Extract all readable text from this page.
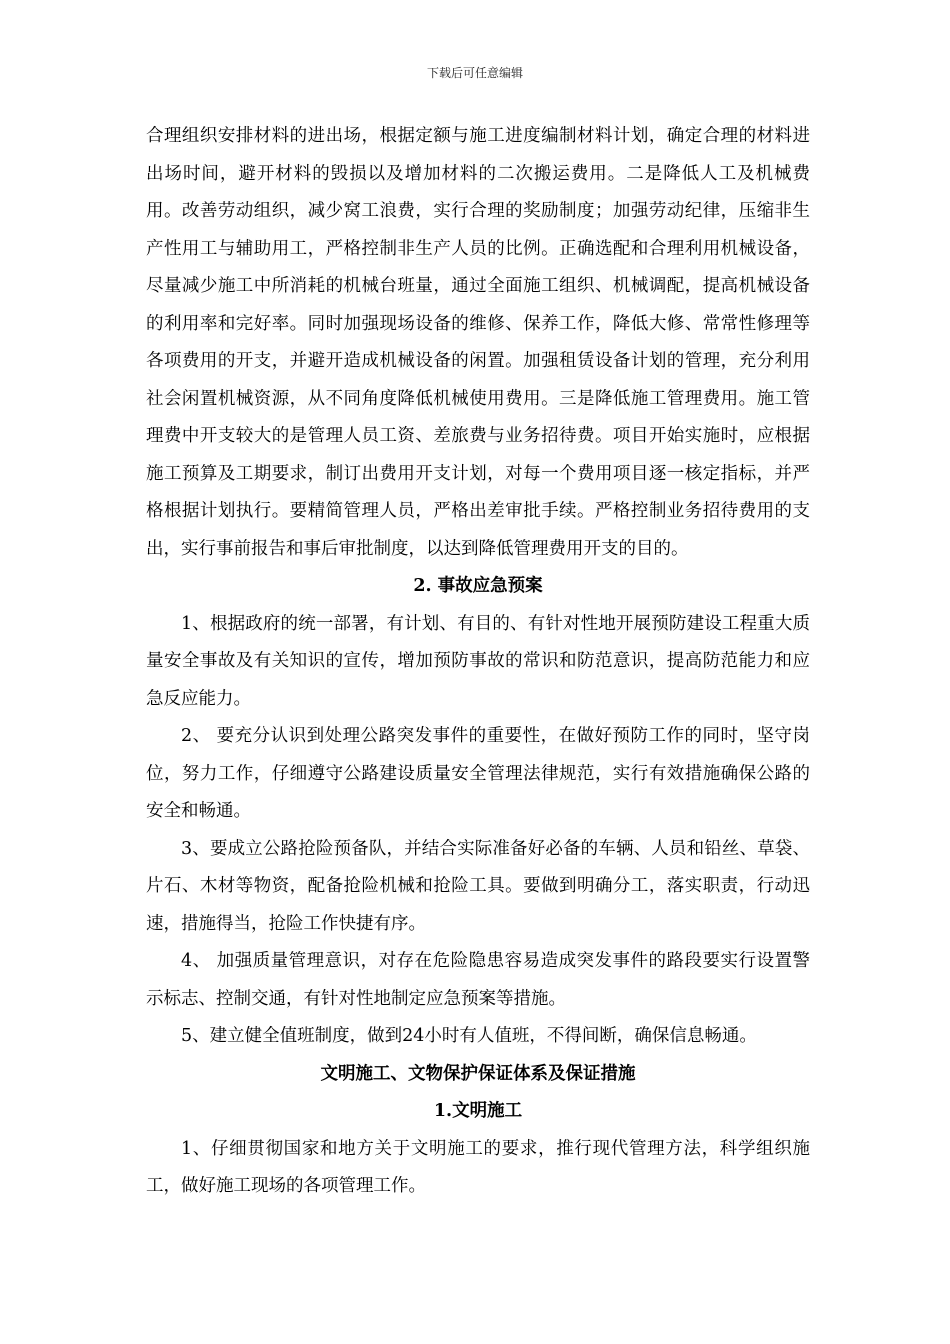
下载后可任意编辑

合理组织安排材料的进出场，根据定额与施工进度编制材料计划，确定合理的材料进出场时间，避开材料的毁损以及增加材料的二次搬运费用。二是降低人工及机械费用。改善劳动组织，减少窝工浪费，实行合理的奖励制度；加强劳动纪律，压缩非生产性用工与辅助用工，严格控制非生产人员的比例。正确选配和合理利用机械设备，尽量减少施工中所消耗的机械台班量，通过全面施工组织、机械调配，提高机械设备的利用率和完好率。同时加强现场设备的维修、保养工作，降低大修、常常性修理等各项费用的开支，并避开造成机械设备的闲置。加强租赁设备计划的管理，充分利用社会闲置机械资源，从不同角度降低机械使用费用。三是降低施工管理费用。施工管理费中开支较大的是管理人员工资、差旅费与业务招待费。项目开始实施时，应根据施工预算及工期要求，制订出费用开支计划，对每一个费用项目逐一核定指标，并严格根据计划执行。要精简管理人员，严格出差审批手续。严格控制业务招待费用的支出，实行事前报告和事后审批制度，以达到降低管理费用开支的目的。

2. 事故应急预案

1、根据政府的统一部署，有计划、有目的、有针对性地开展预防建设工程重大质量安全事故及有关知识的宣传，增加预防事故的常识和防范意识，提高防范能力和应急反应能力。

2、 要充分认识到处理公路突发事件的重要性，在做好预防工作的同时，坚守岗位，努力工作，仔细遵守公路建设质量安全管理法律规范，实行有效措施确保公路的安全和畅通。

3、要成立公路抢险预备队，并结合实际准备好必备的车辆、人员和铅丝、草袋、片石、木材等物资，配备抢险机械和抢险工具。要做到明确分工，落实职责，行动迅速，措施得当，抢险工作快捷有序。

4、 加强质量管理意识，对存在危险隐患容易造成突发事件的路段要实行设置警示标志、控制交通，有针对性地制定应急预案等措施。

5、建立健全值班制度，做到24小时有人值班，不得间断，确保信息畅通。

文明施工、文物保护保证体系及保证措施

1.文明施工

1、仔细贯彻国家和地方关于文明施工的要求，推行现代管理方法，科学组织施工，做好施工现场的各项管理工作。
